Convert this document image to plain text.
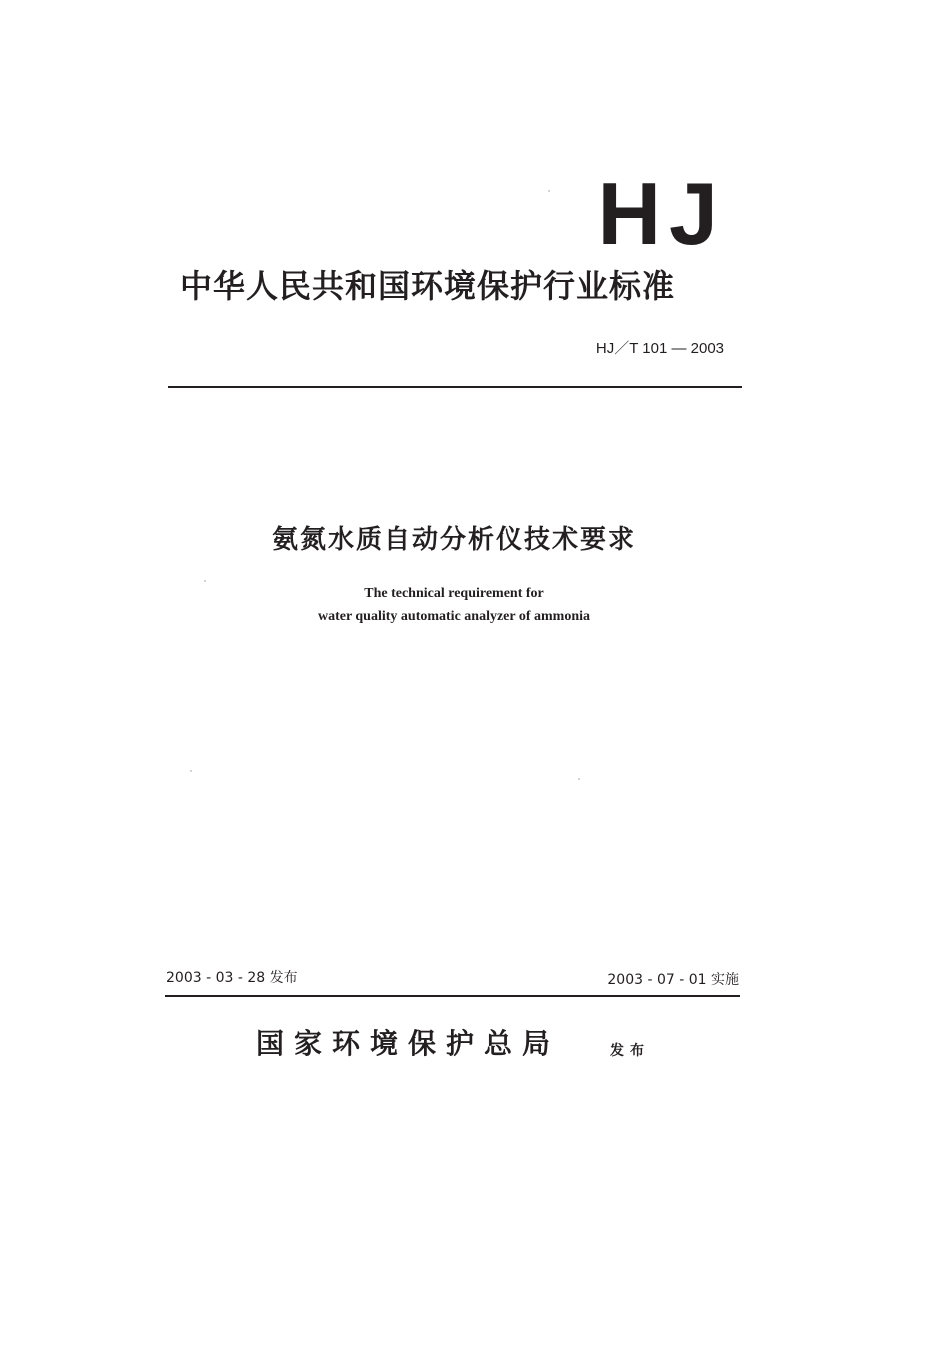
HJ
中华人民共和国环境保护行业标准
HJ／T 101 — 2003
氨氮水质自动分析仪技术要求
The technical requirement for
water quality automatic analyzer of ammonia
2003 - 03 - 28 发布	2003 - 07 - 01 实施
国家环境保护总局	发布
